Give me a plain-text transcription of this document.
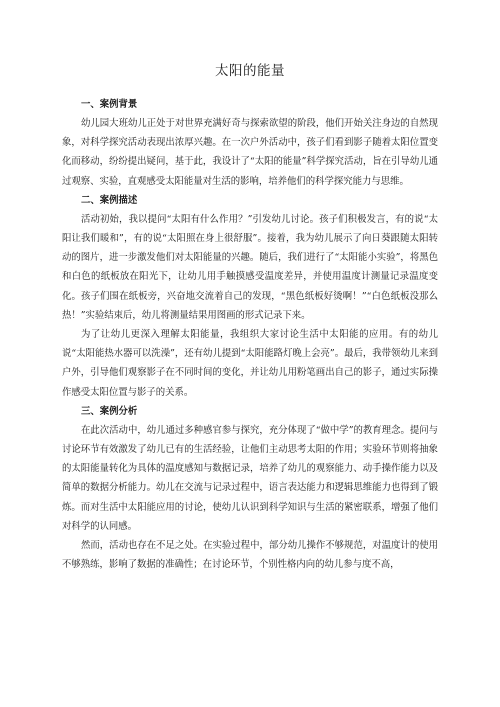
太阳的能量
一、案例背景

幼儿园大班幼儿正处于对世界充满好奇与探索欲望的阶段，他们开始关注身边的自然现象，对科学探究活动表现出浓厚兴趣。在一次户外活动中，孩子们看到影子随着太阳位置变化而移动，纷纷提出疑问，基于此，我设计了“太阳的能量”科学探究活动，旨在引导幼儿通过观察、实验，直观感受太阳能量对生活的影响，培养他们的科学探究能力与思维。

二、案例描述

活动初始，我以提问“太阳有什么作用？”引发幼儿讨论。孩子们积极发言，有的说“太阳让我们暖和”，有的说“太阳照在身上很舒服”。接着，我为幼儿展示了向日葵跟随太阳转动的图片，进一步激发他们对太阳能量的兴趣。随后，我们进行了“太阳能小实验”，将黑色和白色的纸板放在阳光下，让幼儿用手触摸感受温度差异，并使用温度计测量记录温度变化。孩子们围在纸板旁，兴奋地交流着自己的发现，“黑色纸板好烫啊！”“白色纸板没那么热！”实验结束后，幼儿将测量结果用图画的形式记录下来。

为了让幼儿更深入理解太阳能量，我组织大家讨论生活中太阳能的应用。有的幼儿说“太阳能热水器可以洗澡”，还有幼儿提到“太阳能路灯晚上会亮”。最后，我带领幼儿来到户外，引导他们观察影子在不同时间的变化，并让幼儿用粉笔画出自己的影子，通过实际操作感受太阳位置与影子的关系。

三、案例分析

在此次活动中，幼儿通过多种感官参与探究，充分体现了“做中学”的教育理念。提问与讨论环节有效激发了幼儿已有的生活经验，让他们主动思考太阳的作用；实验环节则将抽象的太阳能量转化为具体的温度感知与数据记录，培养了幼儿的观察能力、动手操作能力以及简单的数据分析能力。幼儿在交流与记录过程中，语言表达能力和逻辑思维能力也得到了锻炼。而对生活中太阳能应用的讨论，使幼儿认识到科学知识与生活的紧密联系，增强了他们对科学的认同感。

然而，活动也存在不足之处。在实验过程中，部分幼儿操作不够规范，对温度计的使用不够熟练，影响了数据的准确性；在讨论环节，个别性格内向的幼儿参与度不高，
